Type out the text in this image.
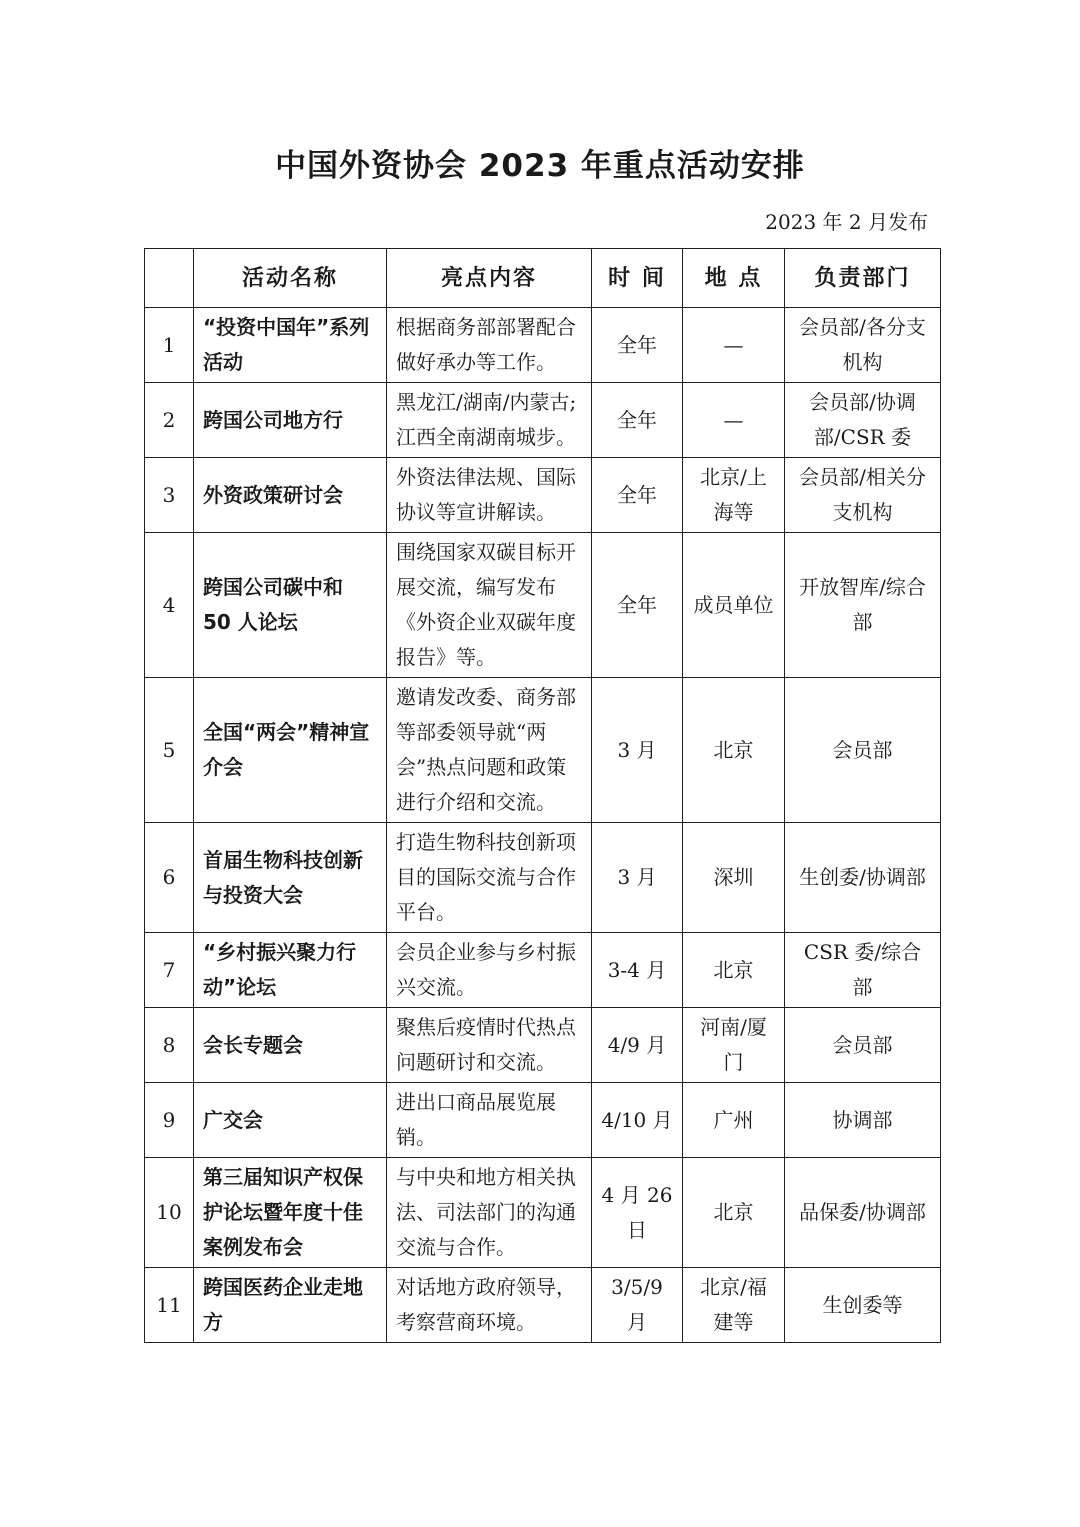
中国外资协会 2023 年重点活动安排
2023 年 2 月发布
	活动名称	亮点内容	时 间	地 点	负责部门
1	“投资中国年”系列活动	根据商务部部署配合做好承办等工作。	全年	—	会员部/各分支机构
2	跨国公司地方行	黑龙江/湖南/内蒙古;江西全南湖南城步。	全年	—	会员部/协调部/CSR 委
3	外资政策研讨会	外资法律法规、国际协议等宣讲解读。	全年	北京/上海等	会员部/相关分支机构
4	跨国公司碳中和 50 人论坛	围绕国家双碳目标开展交流，编写发布《外资企业双碳年度报告》等。	全年	成员单位	开放智库/综合部
5	全国“两会”精神宣介会	邀请发改委、商务部等部委领导就“两会”热点问题和政策进行介绍和交流。	3 月	北京	会员部
6	首届生物科技创新与投资大会	打造生物科技创新项目的国际交流与合作平台。	3 月	深圳	生创委/协调部
7	“乡村振兴聚力行动”论坛	会员企业参与乡村振兴交流。	3-4 月	北京	CSR 委/综合部
8	会长专题会	聚焦后疫情时代热点问题研讨和交流。	4/9 月	河南/厦门	会员部
9	广交会	进出口商品展览展销。	4/10 月	广州	协调部
10	第三届知识产权保护论坛暨年度十佳案例发布会	与中央和地方相关执法、司法部门的沟通交流与合作。	4 月 26 日	北京	品保委/协调部
11	跨国医药企业走地方	对话地方政府领导，考察营商环境。	3/5/9 月	北京/福建等	生创委等
